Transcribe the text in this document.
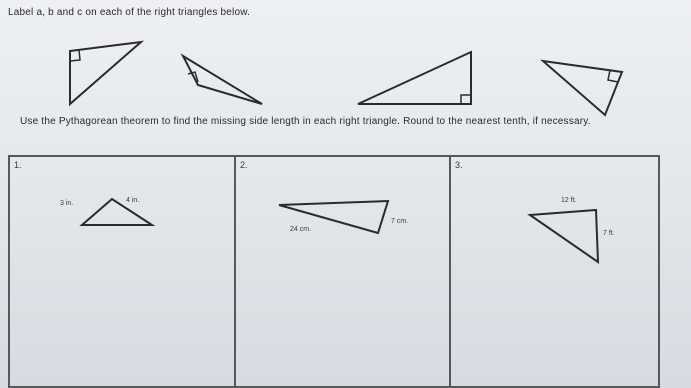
Label a, b and c on each of the right triangles below.
Use the Pythagorean theorem to find the missing side length in each right triangle. Round to the nearest tenth, if necessary.
1.	2.	3.
3 in.	4 in.
24 cm.
7 cm.
12 ft.
7 ft.
